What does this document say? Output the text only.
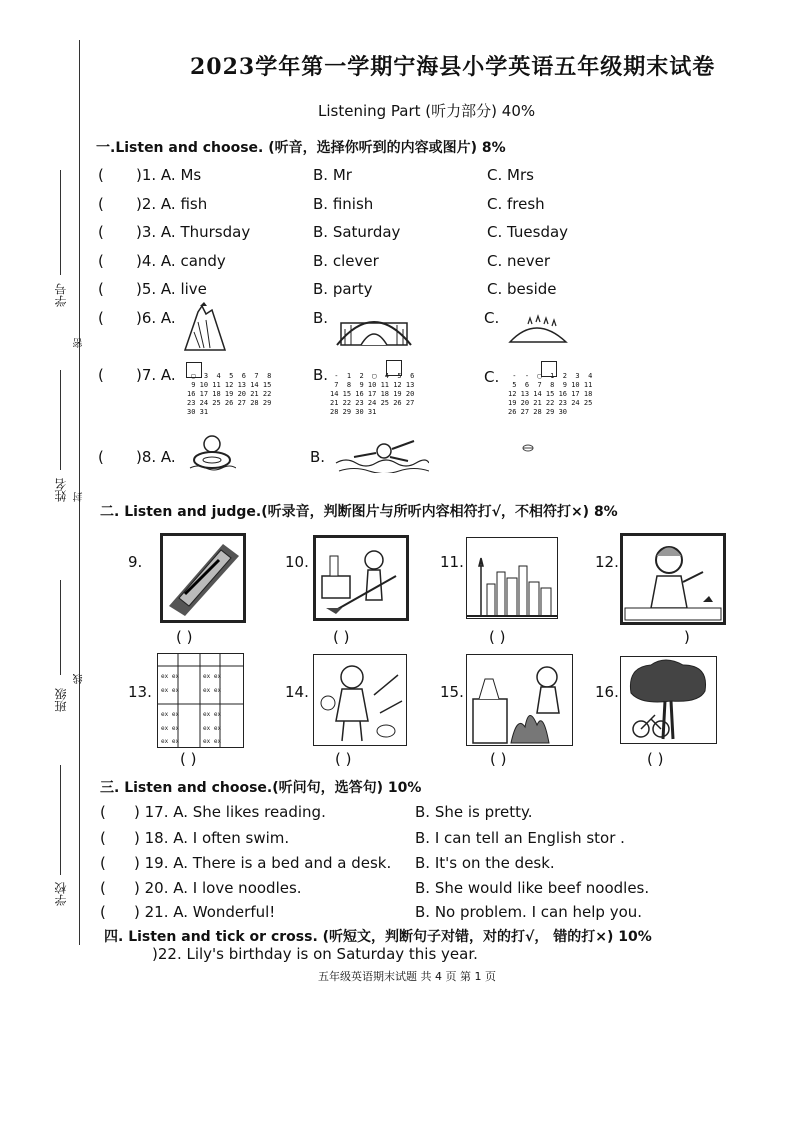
学号
密
姓名 封
线
班级
学校
2023学年第一学期宁海县小学英语五年级期末试卷
Listening Part (听力部分) 40%
一.Listen and choose. (听音，选择你听到的内容或图片) 8%
( )1. A. Ms	B. Mr	C. Mrs
( )2. A. fish	B. finish	C. fresh
( )3. A. Thursday	B. Saturday	C. Tuesday
( )4. A. candy	B. clever	C. never
( )5. A. live	B. party	C. beside
( )6. A.	B.	C.
( )7. A.	
▢  3  4  5  6  7  8
9 10 11 12 13 14 15
16 17 18 19 20 21 22
23 24 25 26 27 28 29
30 31
B.
-  1  2  ▢  4  5  6
7  8  9 10 11 12 13
14 15 16 17 18 19 20
21 22 23 24 25 26 27
28 29 30 31
C.	
-  -  ▢  1  2  3  4
5  6  7  8  9 10 11
12 13 14 15 16 17 18
19 20 21 22 23 24 25
26 27 28 29 30
( )8. A.	B.
二. Listen and judge.(听录音，判断图片与所听内容相符打√，不相符打×) 8%
9.
( )
10.
( )
11.
( )
12.
)
13.
ex ex	ex ex
ex ex	ex ex
ex ex	ex ex
ex ex	ex ex
ex ex	ex ex
( )
14.
( )
15.
( )
16.
( )
三. Listen and choose.(听问句，选答句) 10%
( ) 17. A. She likes reading.	B. She is pretty.
( ) 18. A. I often swim.	B. I can tell an English stor .
( ) 19. A. There is a bed and a desk. B. It's on the desk.
( ) 20. A. I love noodles.	B. She would like beef noodles.
( ) 21. A. Wonderful!	B. No problem. I can help you.
四. Listen and tick or cross. (听短文，判断句子对错，对的打√， 错的打×) 10%
)22. Lily's birthday is on Saturday this year.
五年级英语期末试题 共 4 页 第 1 页
